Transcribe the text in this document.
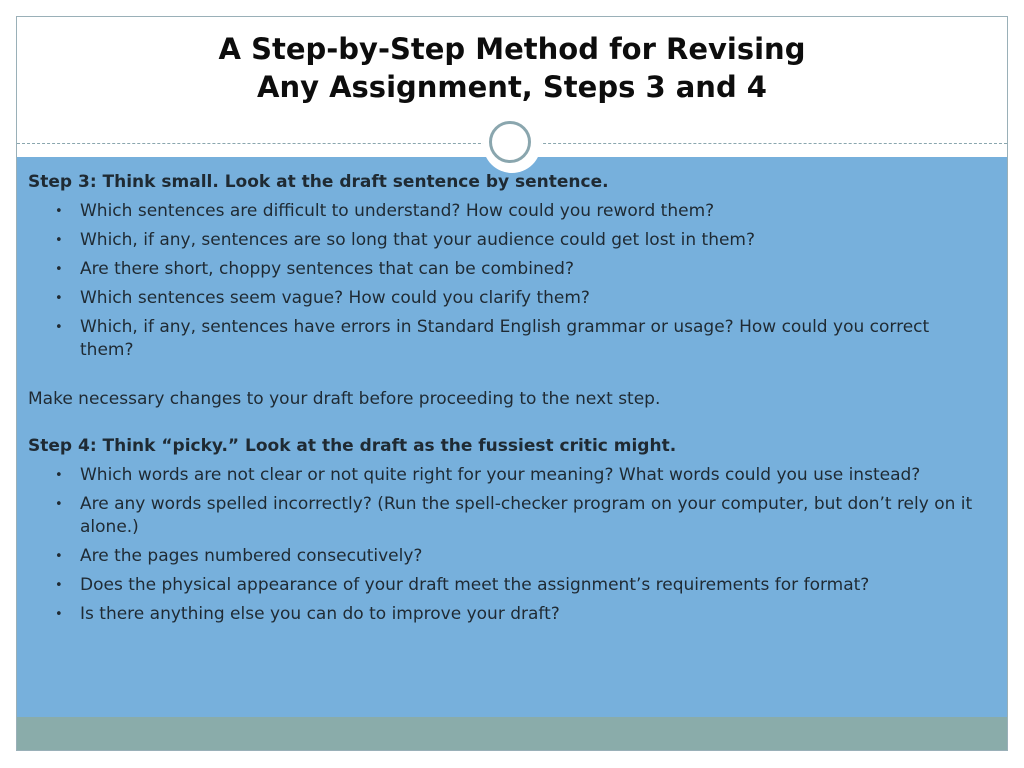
A Step-by-Step Method for Revising
Any Assignment, Steps 3 and 4

Step 3: Think small. Look at the draft sentence by sentence.

• Which sentences are difficult to understand? How could you reword them?
• Which, if any, sentences are so long that your audience could get lost in them?
• Are there short, choppy sentences that can be combined?
• Which sentences seem vague? How could you clarify them?
• Which, if any, sentences have errors in Standard English grammar or usage? How could you correct them?

Make necessary changes to your draft before proceeding to the next step.

Step 4: Think “picky.” Look at the draft as the fussiest critic might.

• Which words are not clear or not quite right for your meaning? What words could you use instead?
• Are any words spelled incorrectly? (Run the spell-checker program on your computer, but don’t rely on it alone.)
• Are the pages numbered consecutively?
• Does the physical appearance of your draft meet the assignment’s requirements for format?
• Is there anything else you can do to improve your draft?
